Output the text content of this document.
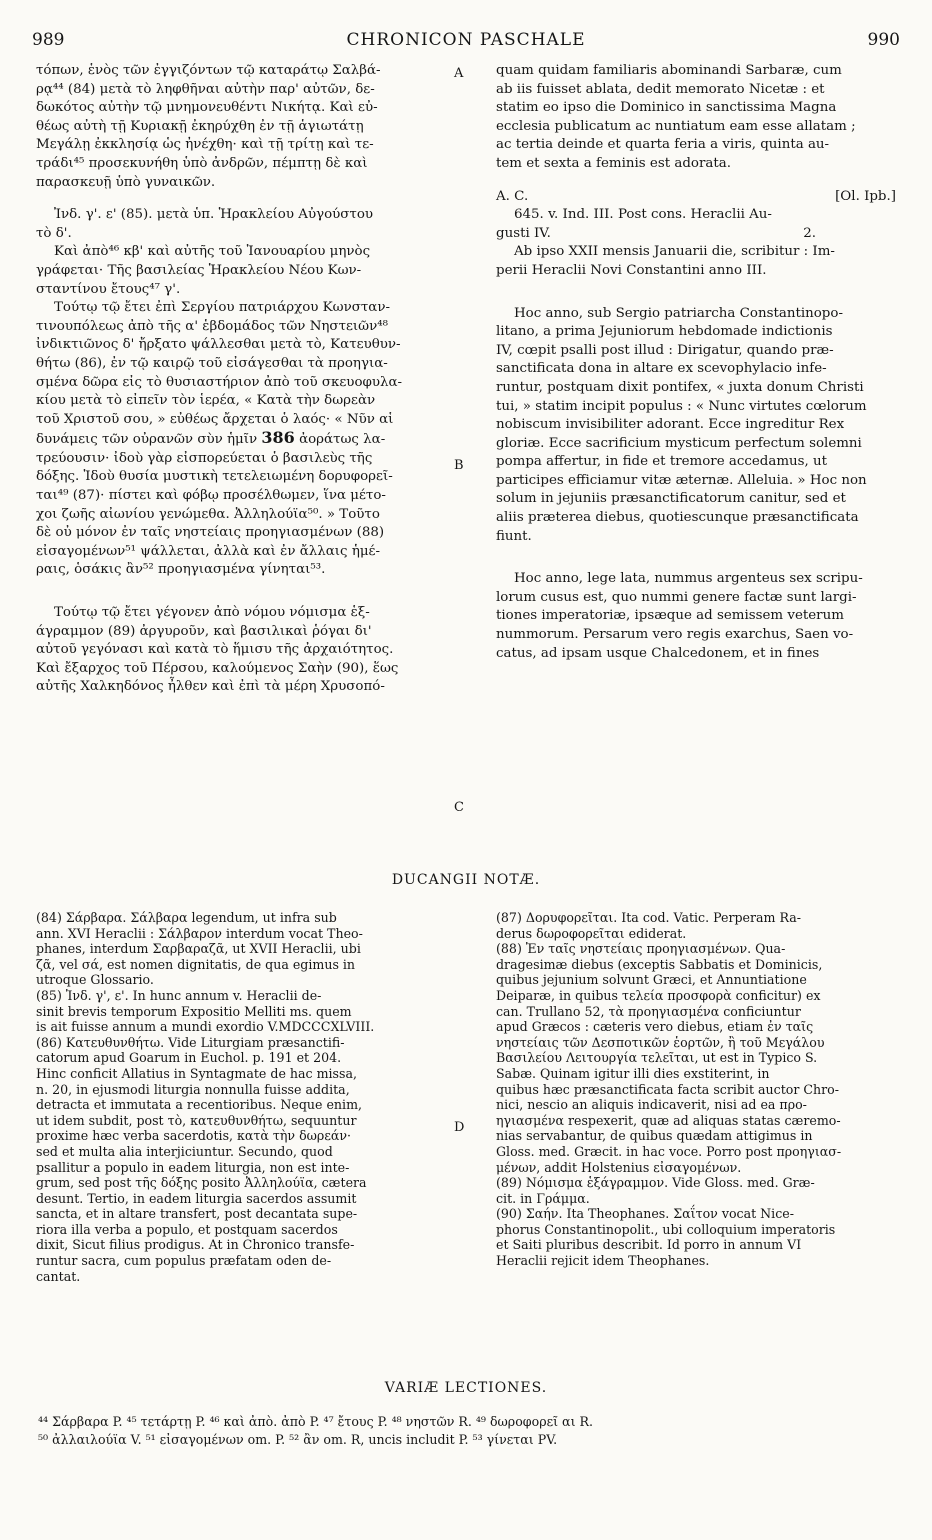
989	CHRONICON PASCHALE	990

τόπων, ἑνὸς τῶν ἐγγιζόντων τῷ καταράτῳ Σαλβά-

ρᾳ⁴⁴ (84) μετὰ τὸ ληφθῆναι αὐτὴν παρ' αὐτῶν, δε-

δωκότος αὐτὴν τῷ μνημονευθέντι Νικήτᾳ. Καὶ εὐ-

θέως αὐτὴ τῇ Κυριακῇ ἐκηρύχθη ἐν τῇ ἁγιωτάτῃ

Μεγάλῃ ἐκκλησίᾳ ὡς ἠνέχθη· καὶ τῇ τρίτῃ καὶ τε-

τράδι⁴⁵ προσεκυνήθη ὑπὸ ἀνδρῶν, πέμπτῃ δὲ καὶ

παρασκευῇ ὑπὸ γυναικῶν.

Ἰνδ. γ'. ε' (85). μετὰ ὑπ. Ἡρακλείου Αὐγούστου

τὸ δ'.

Καὶ ἀπὸ⁴⁶ κβ' καὶ αὐτῆς τοῦ Ἰανουαρίου μηνὸς

γράφεται· Τῆς βασιλείας Ἡρακλείου Νέου Κων-

σταντίνου ἔτους⁴⁷ γ'.

Τούτῳ τῷ ἔτει ἐπὶ Σεργίου πατριάρχου Κωνσταν-

τινουπόλεως ἀπὸ τῆς α' ἑβδομάδος τῶν Νηστειῶν⁴⁸

ἰνδικτιῶνος δ' ἤρξατο ψάλλεσθαι μετὰ τὸ, Κατευθυν-

θήτω (86), ἐν τῷ καιρῷ τοῦ εἰσάγεσθαι τὰ προηγια-

σμένα δῶρα εἰς τὸ θυσιαστήριον ἀπὸ τοῦ σκευοφυλα-

κίου μετὰ τὸ εἰπεῖν τὸν ἱερέα, « Κατὰ τὴν δωρεὰν

τοῦ Χριστοῦ σου, » εὐθέως ἄρχεται ὁ λαός· « Νῦν αἱ

δυνάμεις τῶν οὐρανῶν σὺν ἡμῖν 386 ἀοράτως λα-

τρεύουσιν· ἰδοὺ γὰρ εἰσπορεύεται ὁ βασιλεὺς τῆς

δόξης. Ἰδοὺ θυσία μυστικὴ τετελειωμένη δορυφορεῖ-

ται⁴⁹ (87)· πίστει καὶ φόβῳ προσέλθωμεν, ἵνα μέτο-

χοι ζωῆς αἰωνίου γενώμεθα. Ἀλληλούϊα⁵⁰. » Τοῦτο

δὲ οὐ μόνον ἐν ταῖς νηστείαις προηγιασμένων (88)

εἰσαγομένων⁵¹ ψάλλεται, ἀλλὰ καὶ ἐν ἄλλαις ἡμέ-

ραις, ὁσάκις ἂν⁵² προηγιασμένα γίνηται⁵³.

Τούτῳ τῷ ἔτει γέγονεν ἀπὸ νόμου νόμισμα ἑξ-

άγραμμον (89) ἀργυροῦν, καὶ βασιλικαὶ ῥόγαι δι'

αὐτοῦ γεγόνασι καὶ κατὰ τὸ ἥμισυ τῆς ἀρχαιότητος.

Καὶ ἔξαρχος τοῦ Πέρσου, καλούμενος Σαὴν (90), ἕως

αὐτῆς Χαλκηδόνος ἦλθεν καὶ ἐπὶ τὰ μέρη Χρυσοπό-

A
B
C
D

quam quidam familiaris abominandi Sarbaræ, cum

ab iis fuisset ablata, dedit memorato Nicetæ : et

statim eo ipso die Dominico in sanctissima Magna

ecclesia publicatum ac nuntiatum eam esse allatam ;

ac tertia deinde et quarta feria a viris, quinta au-

tem et sexta a feminis est adorata.

A. C.	[Ol. Ipb.]

645. v. Ind. III. Post cons. Heraclii Au-

gusti IV.	2.

Ab ipso XXII mensis Januarii die, scribitur : Im-

perii Heraclii Novi Constantini anno III.

Hoc anno, sub Sergio patriarcha Constantinopo-

litano, a prima Jejuniorum hebdomade indictionis

IV, cœpit psalli post illud : Dirigatur, quando præ-

sanctificata dona in altare ex scevophylacio infe-

runtur, postquam dixit pontifex, « juxta donum Christi

tui, » statim incipit populus : « Nunc virtutes cœlorum

nobiscum invisibiliter adorant. Ecce ingreditur Rex

gloriæ. Ecce sacrificium mysticum perfectum solemni

pompa affertur, in fide et tremore accedamus, ut

participes efficiamur vitæ æternæ. Alleluia. » Hoc non

solum in jejuniis præsanctificatorum canitur, sed et

aliis præterea diebus, quotiescunque præsanctificata

fiunt.

Hoc anno, lege lata, nummus argenteus sex scripu-

lorum cusus est, quo nummi genere factæ sunt largi-

tiones imperatoriæ, ipsæque ad semissem veterum

nummorum. Persarum vero regis exarchus, Saen vo-

catus, ad ipsam usque Chalcedonem, et in fines

DUCANGII NOTÆ.

(84) Σάρβαρα. Σάλβαρα legendum, ut infra sub

ann. XVI Heraclii : Σάλβαρον interdum vocat Theo-

phanes, interdum Σαρβαραζᾶ, ut XVII Heraclii, ubi

ζᾶ, vel σά, est nomen dignitatis, de qua egimus in

utroque Glossario.

(85) Ἰνδ. γ', ε'. In hunc annum v. Heraclii de-

sinit brevis temporum Expositio Melliti ms. quem

is ait fuisse annum a mundi exordio V.MDCCCXLVIII.

(86) Κατευθυνθήτω. Vide Liturgiam præsanctifi-

catorum apud Goarum in Euchol. p. 191 et 204.

Hinc conficit Allatius in Syntagmate de hac missa,

n. 20, in ejusmodi liturgia nonnulla fuisse addita,

detracta et immutata a recentioribus. Neque enim,

ut idem subdit, post τὸ, κατευθυνθήτω, sequuntur

proxime hæc verba sacerdotis, κατὰ τὴν δωρεάν·

sed et multa alia interjiciuntur. Secundo, quod

psallitur a populo in eadem liturgia, non est inte-

grum, sed post τῆς δόξης posito Ἀλληλούϊα, cætera

desunt. Tertio, in eadem liturgia sacerdos assumit

sancta, et in altare transfert, post decantata supe-

riora illa verba a populo, et postquam sacerdos

dixit, Sicut filius prodigus. At in Chronico transfe-

runtur sacra, cum populus præfatam oden de-

cantat.

(87) Δορυφορεῖται. Ita cod. Vatic. Perperam Ra-

derus δωροφορεῖται ediderat.

(88) Ἐν ταῖς νηστείαις προηγιασμένων. Qua-

dragesimæ diebus (exceptis Sabbatis et Dominicis,

quibus jejunium solvunt Græci, et Annuntiatione

Deiparæ, in quibus τελεία προσφορὰ conficitur) ex

can. Trullano 52, τὰ προηγιασμένα conficiuntur

apud Græcos : cæteris vero diebus, etiam ἐν ταῖς

νηστείαις τῶν Δεσποτικῶν ἑορτῶν, ἢ τοῦ Μεγάλου

Βασιλείου Λειτουργία τελεῖται, ut est in Typico S.

Sabæ. Quinam igitur illi dies exstiterint, in

quibus hæc præsanctificata facta scribit auctor Chro-

nici, nescio an aliquis indicaverit, nisi ad ea προ-

ηγιασμένα respexerit, quæ ad aliquas statas cæremo-

nias servabantur, de quibus quædam attigimus in

Gloss. med. Græcit. in hac voce. Porro post προηγιασ-

μένων, addit Holstenius εἰσαγομένων.

(89) Νόμισμα ἑξάγραμμον. Vide Gloss. med. Græ-

cit. in Γράμμα.

(90) Σαήν. Ita Theophanes. Σαΐτον vocat Nice-

phorus Constantinopolit., ubi colloquium imperatoris

et Saiti pluribus describit. Id porro in annum VI

Heraclii rejicit idem Theophanes.

VARIÆ LECTIONES.

⁴⁴ Σάρβαρα P. ⁴⁵ τετάρτῃ P. ⁴⁶ καὶ ἀπὸ. ἀπὸ P. ⁴⁷ ἔτους P. ⁴⁸ νηστῶν R. ⁴⁹ δωροφορεῖ αι R.

⁵⁰ ἀλλαιλούϊα V. ⁵¹ εἰσαγομένων om. P. ⁵² ἂν om. R, uncis includit P. ⁵³ γίνεται PV.
